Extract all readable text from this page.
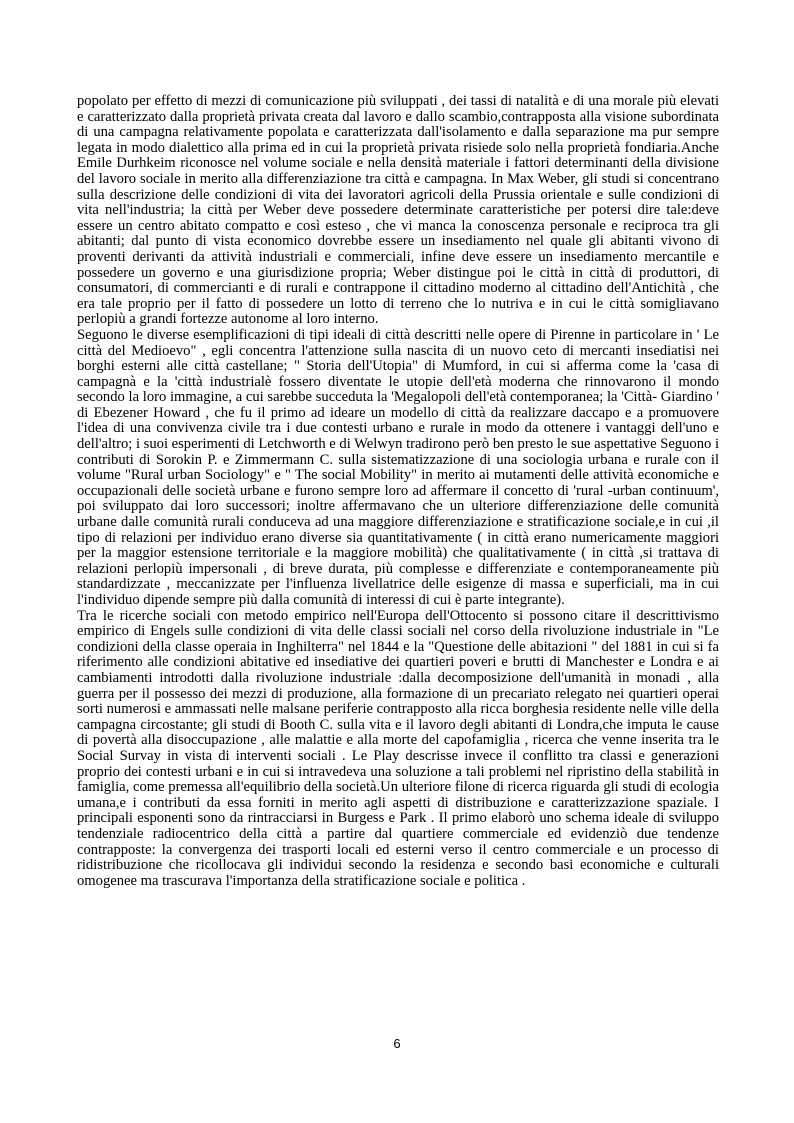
popolato per effetto di mezzi di comunicazione più sviluppati , dei tassi di natalità e di una morale più elevati e caratterizzato dalla proprietà privata creata dal lavoro e dallo scambio,contrapposta alla visione subordinata di una campagna relativamente popolata e caratterizzata dall'isolamento e dalla separazione ma pur sempre legata in modo dialettico alla prima ed in cui la proprietà privata risiede solo nella proprietà fondiaria.Anche Emile Durhkeim riconosce nel volume sociale e nella densità materiale i fattori determinanti della divisione del lavoro sociale in merito alla differenziazione tra città e campagna. In Max Weber, gli studi si concentrano sulla descrizione delle condizioni di vita dei lavoratori agricoli della Prussia orientale e sulle condizioni di vita nell'industria; la città per Weber deve possedere determinate caratteristiche per potersi dire tale:deve essere un centro abitato compatto e così esteso , che vi manca la conoscenza personale e reciproca tra gli abitanti; dal punto di vista economico dovrebbe essere un insediamento nel quale gli abitanti vivono di proventi derivanti da attività industriali e commerciali, infine deve essere un insediamento mercantile e possedere un governo e una giurisdizione propria; Weber distingue poi le città in città di produttori, di consumatori, di commercianti e di rurali e contrappone il cittadino moderno al cittadino dell'Antichità , che era tale proprio per il fatto di possedere un lotto di terreno che lo nutriva e in cui le città somigliavano perlopiù a grandi fortezze autonome al loro interno.

Seguono le diverse esemplificazioni di tipi ideali di città descritti nelle opere di Pirenne in particolare in ' Le città del Medioevo" , egli concentra l'attenzione sulla nascita di un nuovo ceto di mercanti insediatisi nei borghi esterni alle città castellane; " Storia dell'Utopia" di Mumford, in cui si afferma come la 'casa di campagnà e la 'città industrialè fossero diventate le utopie dell'età moderna che rinnovarono il mondo secondo la loro immagine, a cui sarebbe succeduta la 'Megalopoli dell'età contemporanea; la 'Città- Giardino ' di Ebezener Howard , che fu il primo ad ideare un modello di città da realizzare daccapo e a promuovere l'idea di una convivenza civile tra i due contesti urbano e rurale in modo da ottenere i vantaggi dell'uno e dell'altro; i suoi esperimenti di Letchworth e di Welwyn tradirono però ben presto le sue aspettative Seguono i contributi di Sorokin P. e Zimmermann C. sulla sistematizzazione di una sociologia urbana e rurale con il volume "Rural urban Sociology" e " The social Mobility" in merito ai mutamenti delle attività economiche e occupazionali delle società urbane e furono sempre loro ad affermare il concetto di 'rural -urban continuum', poi sviluppato dai loro successori; inoltre affermavano che un ulteriore differenziazione delle comunità urbane dalle comunità rurali conduceva ad una maggiore differenziazione e stratificazione sociale,e in cui ,il tipo di relazioni per individuo erano diverse sia quantitativamente ( in città erano numericamente maggiori per la maggior estensione territoriale e la maggiore mobilità) che qualitativamente ( in città ,si trattava di relazioni perlopiù impersonali , di breve durata, più complesse e differenziate e contemporaneamente più standardizzate , meccanizzate per l'influenza livellatrice delle esigenze di massa e superficiali, ma in cui l'individuo dipende sempre più dalla comunità di interessi di cui è parte integrante).

Tra le ricerche sociali con metodo empirico nell'Europa dell'Ottocento si possono citare il descrittivismo empirico di Engels sulle condizioni di vita delle classi sociali nel corso della rivoluzione industriale in "Le condizioni della classe operaia in Inghilterra" nel 1844 e la "Questione delle abitazioni " del 1881 in cui si fa riferimento alle condizioni abitative ed insediative dei quartieri poveri e brutti di Manchester e Londra e ai cambiamenti introdotti dalla rivoluzione industriale :dalla decomposizione dell'umanità in monadi , alla guerra per il possesso dei mezzi di produzione, alla formazione di un precariato relegato nei quartieri operai sorti numerosi e ammassati nelle malsane periferie contrapposto alla ricca borghesia residente nelle ville della campagna circostante; gli studi di Booth C. sulla vita e il lavoro degli abitanti di Londra,che imputa le cause di povertà alla disoccupazione , alle malattie e alla morte del capofamiglia , ricerca che venne inserita tra le Social Survay in vista di interventi sociali . Le Play descrisse invece il conflitto tra classi e generazioni proprio dei contesti urbani e in cui si intravedeva una soluzione a tali problemi nel ripristino della stabilità in famiglia, come premessa all'equilibrio della società.Un ulteriore filone di ricerca riguarda gli studi di ecologia umana,e i contributi da essa forniti in merito agli aspetti di distribuzione e caratterizzazione spaziale. I principali esponenti sono da rintracciarsi in Burgess e Park . Il primo elaborò uno schema ideale di sviluppo tendenziale radiocentrico della città a partire dal quartiere commerciale ed evidenziò due tendenze contrapposte: la convergenza dei trasporti locali ed esterni verso il centro commerciale e un processo di ridistribuzione che ricollocava gli individui secondo la residenza e secondo basi economiche e culturali omogenee ma trascurava l'importanza della stratificazione sociale e politica .

6
